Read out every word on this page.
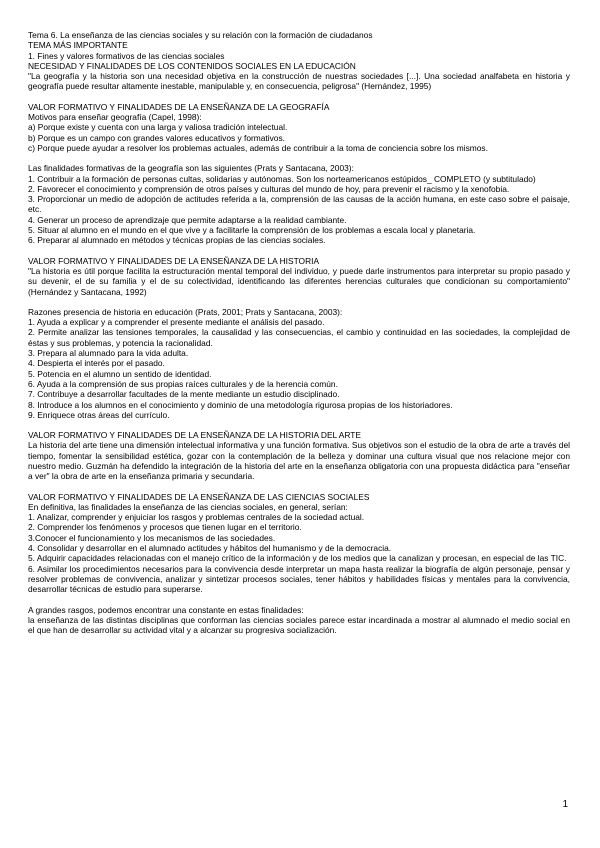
Tema 6. La enseñanza de las ciencias sociales y su relación con la formación de ciudadanos

TEMA MÁS IMPORTANTE

1. Fines y valores formativos de las ciencias sociales

NECESIDAD Y FINALIDADES DE LOS CONTENIDOS SOCIALES EN LA EDUCACIÓN

"La geografía y la historia son una necesidad objetiva en la construcción de nuestras sociedades [...]. Una sociedad analfabeta en historia y geografía puede resultar altamente inestable, manipulable y, en consecuencia, peligrosa" (Hernández, 1995)

VALOR FORMATIVO Y FINALIDADES DE LA ENSEÑANZA DE LA GEOGRAFÍA

Motivos para enseñar geografía (Capel, 1998):

a) Porque existe y cuenta con una larga y valiosa tradición intelectual.

b) Porque es un campo con grandes valores educativos y formativos.

c) Porque puede ayudar a resolver los problemas actuales, además de contribuir a la toma de conciencia sobre los mismos.

Las finalidades formativas de la geografía son las siguientes (Prats y Santacana, 2003):

1. Contribuir a la formación de personas cultas, solidarias y autónomas. Son los norteamericanos estúpidos_ COMPLETO (y subtitulado)

2. Favorecer el conocimiento y comprensión de otros países y culturas del mundo de hoy, para prevenir el racismo y la xenofobia.

3. Proporcionar un medio de adopción de actitudes referida a la, comprensión de las causas de la acción humana, en este caso sobre el paisaje, etc.

4. Generar un proceso de aprendizaje que permite adaptarse a la realidad cambiante.

5. Situar al alumno en el mundo en el que vive y a facilitarle la comprensión de los problemas a escala local y planetaria.

6. Preparar al alumnado en métodos y técnicas propias de las ciencias sociales.

VALOR FORMATIVO Y FINALIDADES DE LA ENSEÑANZA DE LA HISTORIA

"La historia es útil porque facilita la estructuración mental temporal del individuo, y puede darle instrumentos para interpretar su propio pasado y su devenir, el de su familia y el de su colectividad, identificando las diferentes herencias culturales que condicionan su comportamiento" (Hernández y Santacana, 1992)

Razones presencia de historia en educación (Prats, 2001; Prats y Santacana, 2003):

1. Ayuda a explicar y a comprender el presente mediante el análisis del pasado.

2. Permite analizar las tensiones temporales, la causalidad y las consecuencias, el cambio y continuidad en las sociedades, la complejidad de éstas y sus problemas, y potencia la racionalidad.

3. Prepara al alumnado para la vida adulta.

4. Despierta el interés por el pasado.

5. Potencia en el alumno un sentido de identidad.

6. Ayuda a la comprensión de sus propias raíces culturales y de la herencia común.

7. Contribuye a desarrollar facultades de la mente mediante un estudio disciplinado.

8. Introduce a los alumnos en el conocimiento y dominio de una metodología rigurosa propias de los historiadores.

9. Enriquece otras áreas del currículo.

VALOR FORMATIVO Y FINALIDADES DE LA ENSEÑANZA DE LA HISTORIA DEL ARTE

La historia del arte tiene una dimensión intelectual informativa y una función formativa. Sus objetivos son el estudio de la obra de arte a través del tiempo, fomentar la sensibilidad estética, gozar con la contemplación de la belleza y dominar una cultura visual que nos relacione mejor con nuestro medio. Guzmán ha defendido la integración de la historia del arte en la enseñanza obligatoria con una propuesta didáctica para "enseñar a ver" la obra de arte en la enseñanza primaria y secundaria.

VALOR FORMATIVO Y FINALIDADES DE LA ENSEÑANZA DE LAS CIENCIAS SOCIALES

En definitiva, las finalidades la enseñanza de las ciencias sociales, en general, serían:

1. Analizar, comprender y enjuiciar los rasgos y problemas centrales de la sociedad actual.

2. Comprender los fenómenos y procesos que tienen lugar en el territorio.

3.Conocer el funcionamiento y los mecanismos de las sociedades.

4. Consolidar y desarrollar en el alumnado actitudes y hábitos del humanismo y de la democracia.

5. Adquirir capacidades relacionadas con el manejo crítico de la información y de los medios que la canalizan y procesan, en especial de las TIC.

6. Asimilar los procedimientos necesarios para la convivencia desde interpretar un mapa hasta realizar la biografía de algún personaje, pensar y resolver problemas de convivencia, analizar y sintetizar procesos sociales, tener hábitos y habilidades físicas y mentales para la convivencia, desarrollar técnicas de estudio para superarse.

A grandes rasgos, podemos encontrar una constante en estas finalidades:

la enseñanza de las distintas disciplinas que conforman las ciencias sociales parece estar incardinada a mostrar al alumnado el medio social en el que han de desarrollar su actividad vital y a alcanzar su progresiva socialización.

1
